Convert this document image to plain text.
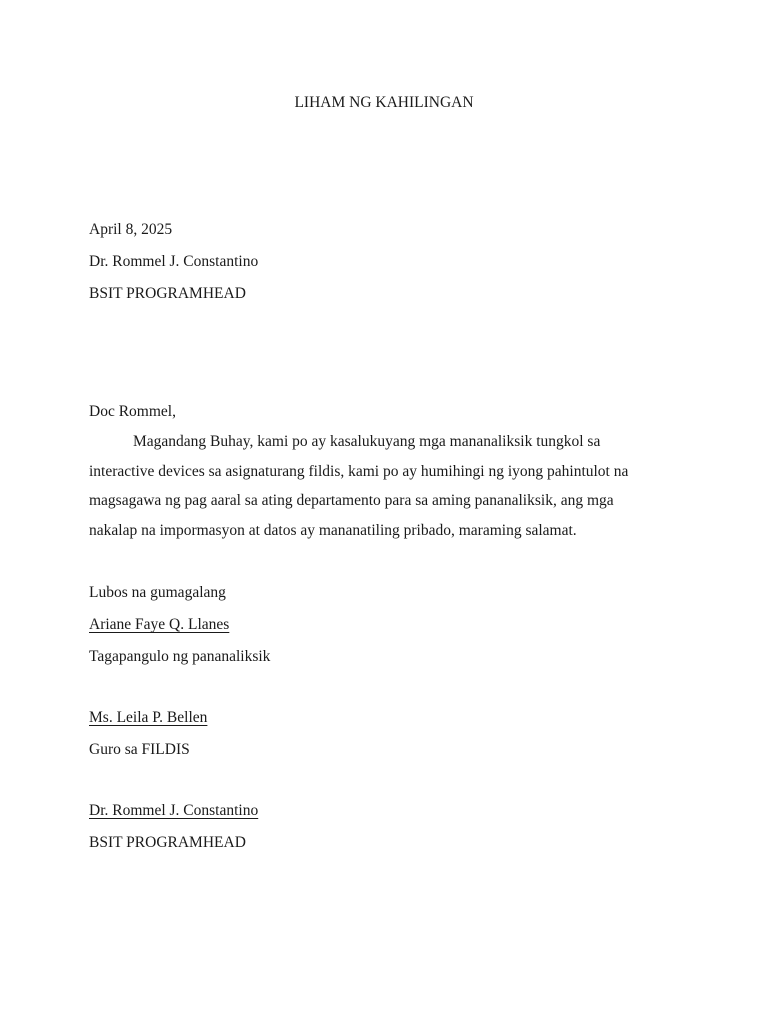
LIHAM NG KAHILINGAN
April 8, 2025
Dr. Rommel J. Constantino
BSIT PROGRAMHEAD
Doc Rommel,
Magandang Buhay, kami po ay kasalukuyang mga mananaliksik tungkol sa
interactive devices sa asignaturang fildis, kami po ay humihingi ng iyong pahintulot na
magsagawa ng pag aaral sa ating departamento para sa aming pananaliksik, ang mga
nakalap na impormasyon at datos ay mananatiling pribado, maraming salamat.
Lubos na gumagalang
Ariane Faye Q. Llanes
Tagapangulo ng pananaliksik
Ms. Leila P. Bellen
Guro sa FILDIS
Dr. Rommel J. Constantino
BSIT PROGRAMHEAD
